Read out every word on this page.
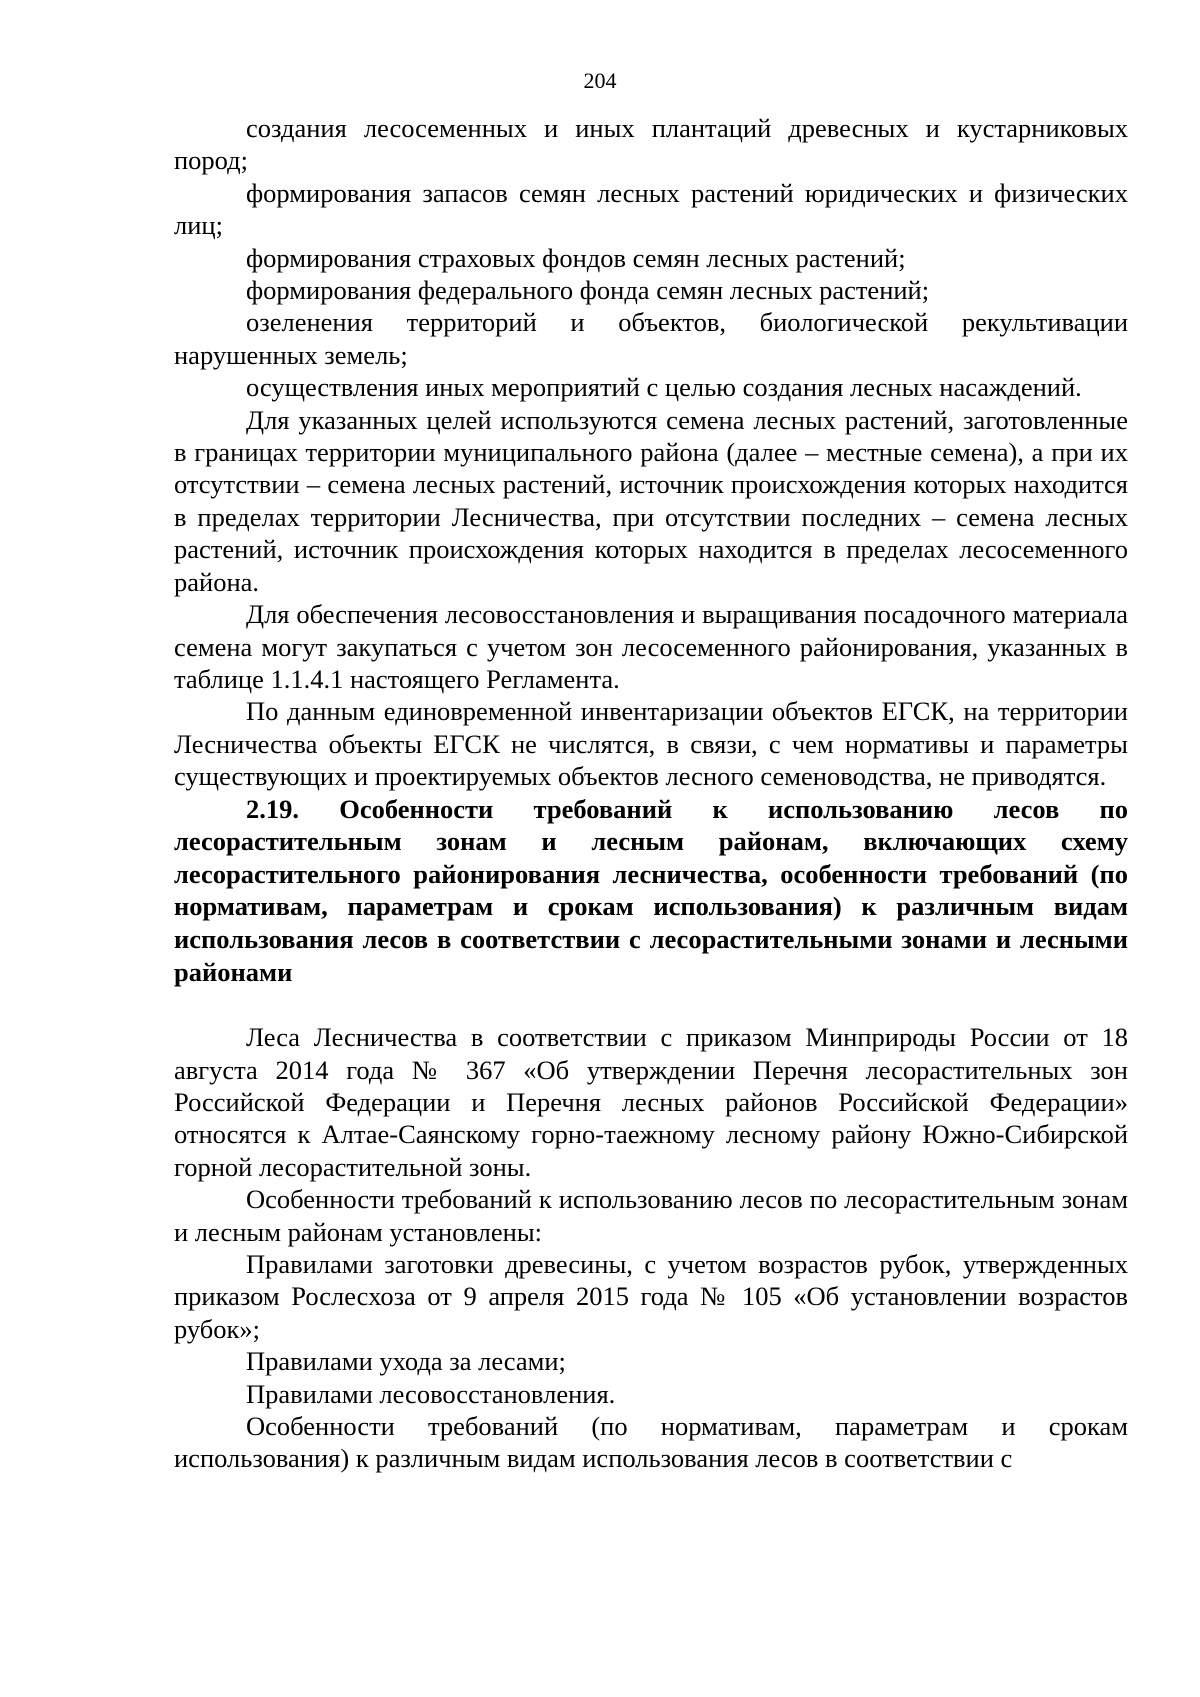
204

создания лесосеменных и иных плантаций древесных и кустарниковых пород;

формирования запасов семян лесных растений юридических и физических лиц;

формирования страховых фондов семян лесных растений;

формирования федерального фонда семян лесных растений;

озеленения территорий и объектов, биологической рекультивации нарушенных земель;

осуществления иных мероприятий с целью создания лесных насаждений.

Для указанных целей используются семена лесных растений, заготовленные в границах территории муниципального района (далее – местные семена), а при их отсутствии – семена лесных растений, источник происхождения которых находится в пределах территории Лесничества, при отсутствии последних – семена лесных растений, источник происхождения которых находится в пределах лесосеменного района.

Для обеспечения лесовосстановления и выращивания посадочного материала семена могут закупаться с учетом зон лесосеменного районирования, указанных в таблице 1.1.4.1 настоящего Регламента.

По данным единовременной инвентаризации объектов ЕГСК, на территории Лесничества объекты ЕГСК не числятся, в связи, с чем нормативы и параметры существующих и проектируемых объектов лесного семеноводства, не приводятся.

2.19. Особенности требований к использованию лесов по лесорастительным зонам и лесным районам, включающих схему лесорастительного районирования лесничества, особенности требований (по нормативам, параметрам и срокам использования) к различным видам использования лесов в соответствии с лесорастительными зонами и лесными районами

Леса Лесничества в соответствии с приказом Минприроды России от 18 августа 2014 года № 367 «Об утверждении Перечня лесорастительных зон Российской Федерации и Перечня лесных районов Российской Федерации» относятся к Алтае-Саянскому горно-таежному лесному району Южно-Сибирской горной лесорастительной зоны.

Особенности требований к использованию лесов по лесорастительным зонам и лесным районам установлены:

Правилами заготовки древесины, с учетом возрастов рубок, утвержденных приказом Рослесхоза от 9 апреля 2015 года № 105 «Об установлении возрастов рубок»;

Правилами ухода за лесами;

Правилами лесовосстановления.

Особенности требований (по нормативам, параметрам и срокам использования) к различным видам использования лесов в соответствии с
